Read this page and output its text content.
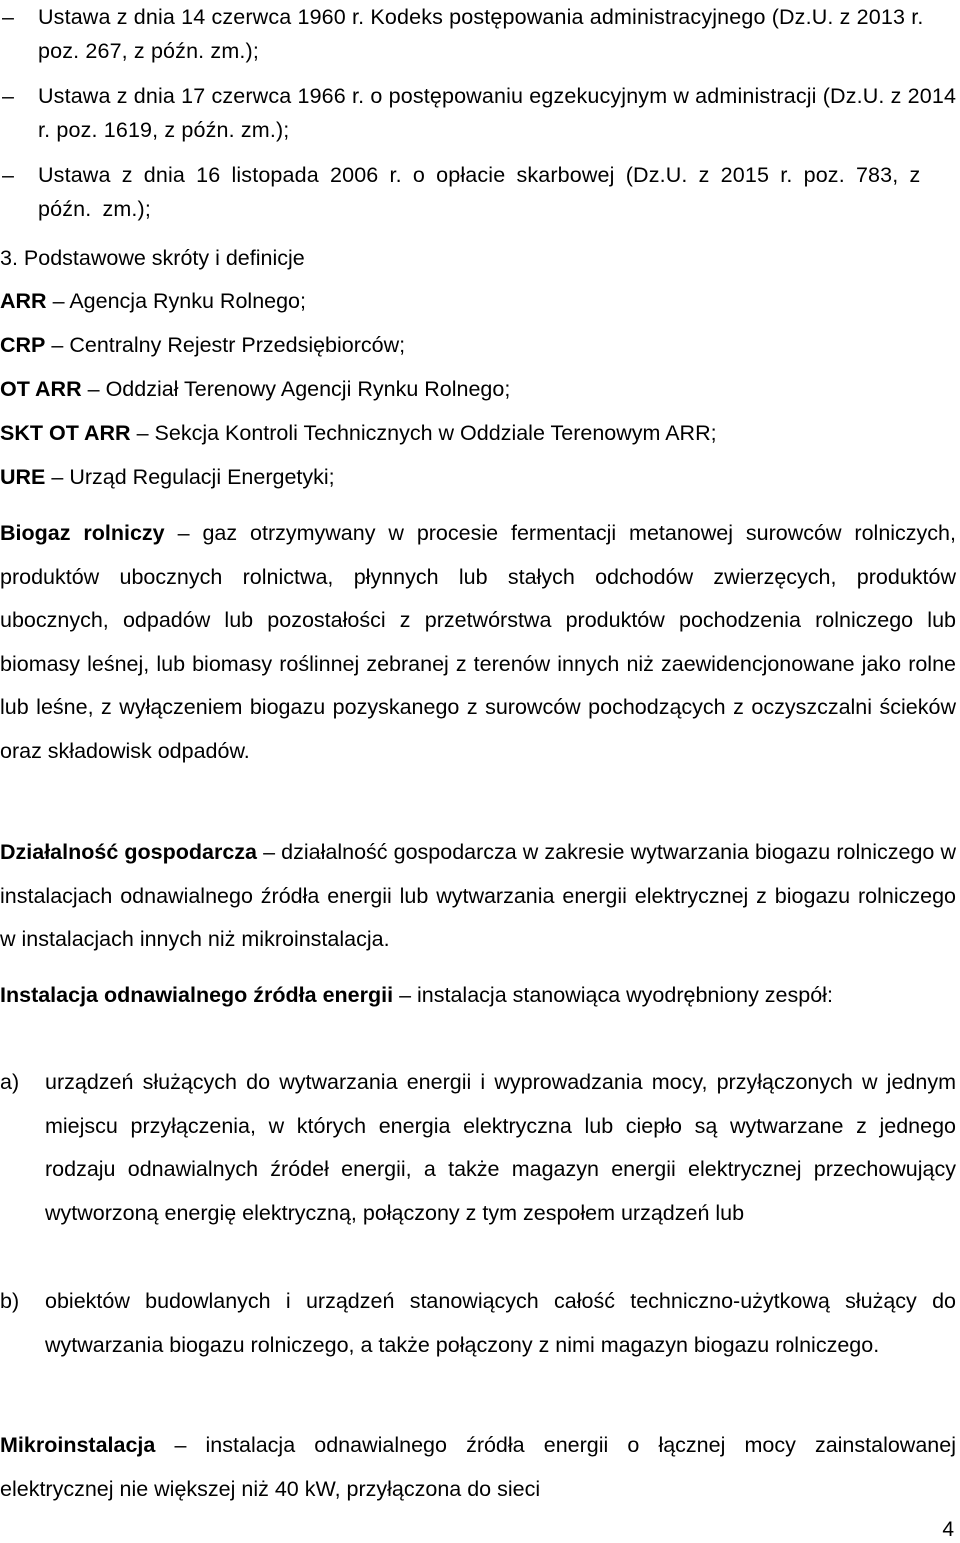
–	Ustawa z dnia 14 czerwca 1960 r. Kodeks postępowania administracyjnego (Dz.U. z 2013 r. poz. 267, z późn. zm.);
–	Ustawa z dnia 17 czerwca 1966 r. o postępowaniu egzekucyjnym w administracji (Dz.U. z 2014 r. poz. 1619, z późn. zm.);
–	Ustawa z dnia 16 listopada 2006 r. o opłacie skarbowej (Dz.U. z 2015 r. poz. 783, z późn. zm.);
3. Podstawowe skróty i definicje
ARR – Agencja Rynku Rolnego;
CRP – Centralny Rejestr Przedsiębiorców;
OT ARR – Oddział Terenowy Agencji Rynku Rolnego;
SKT OT ARR – Sekcja Kontroli Technicznych w Oddziale Terenowym ARR;
URE – Urząd Regulacji Energetyki;

Biogaz rolniczy – gaz otrzymywany w procesie fermentacji metanowej surowców rolniczych, produktów ubocznych rolnictwa, płynnych lub stałych odchodów zwierzęcych, produktów ubocznych, odpadów lub pozostałości z przetwórstwa produktów pochodzenia rolniczego lub biomasy leśnej, lub biomasy roślinnej zebranej z terenów innych niż zaewidencjonowane jako rolne lub leśne, z wyłączeniem biogazu pozyskanego z surowców pochodzących z oczyszczalni ścieków oraz składowisk odpadów.

Działalność gospodarcza – działalność gospodarcza w zakresie wytwarzania biogazu rolniczego w instalacjach odnawialnego źródła energii lub wytwarzania energii elektrycznej z biogazu rolniczego w instalacjach innych niż mikroinstalacja.

Instalacja odnawialnego źródła energii – instalacja stanowiąca wyodrębniony zespół:

a) urządzeń służących do wytwarzania energii i wyprowadzania mocy, przyłączonych w jednym miejscu przyłączenia, w których energia elektryczna lub ciepło są wytwarzane z jednego rodzaju odnawialnych źródeł energii, a także magazyn energii elektrycznej przechowujący wytworzoną energię elektryczną, połączony z tym zespołem urządzeń lub

b) obiektów budowlanych i urządzeń stanowiących całość techniczno-użytkową służący do wytwarzania biogazu rolniczego, a także połączony z nimi magazyn biogazu rolniczego.

Mikroinstalacja – instalacja odnawialnego źródła energii o łącznej mocy zainstalowanej elektrycznej nie większej niż 40 kW, przyłączona do sieci

4
